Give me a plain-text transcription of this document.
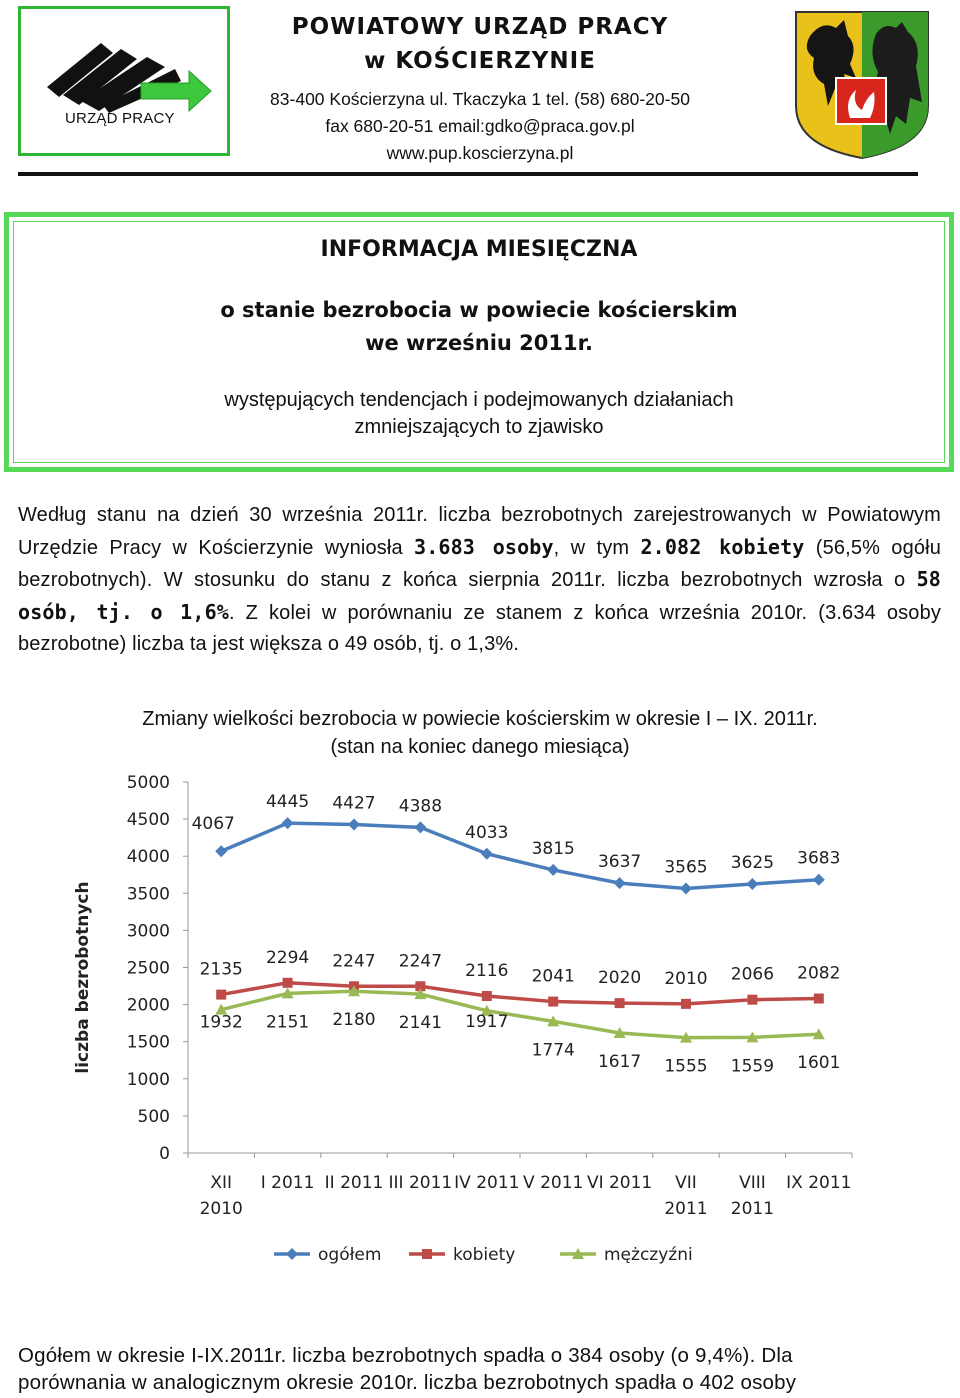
URZĄD PRACY
POWIATOWY URZĄD PRACY
w KOŚCIERZYNIE
83-400 Kościerzyna ul. Tkaczyka 1 tel. (58) 680-20-50
fax 680-20-51 email:gdko@praca.gov.pl
www.pup.koscierzyna.pl
INFORMACJA MIESIĘCZNA
o stanie bezrobocia w powiecie kościerskim
we wrześniu 2011r.
występujących tendencjach i podejmowanych działaniach
zmniejszających to zjawisko
Według stanu na dzień 30 września 2011r. liczba bezrobotnych zarejestrowanych w Powiatowym Urzędzie Pracy w Kościerzynie wyniosła 3.683 osoby, w tym 2.082 kobiety (56,5% ogółu bezrobotnych). W stosunku do stanu z końca sierpnia 2011r. liczba bezrobotnych wzrosła o 58 osób, tj. o 1,6%. Z kolei w porównaniu ze stanem z końca września 2010r. (3.634 osoby bezrobotne) liczba ta jest większa o 49 osób, tj. o 1,3%.
Zmiany wielkości bezrobocia w powiecie kościerskim w okresie I – IX. 2011r.
(stan na koniec danego miesiąca)
5000
4500
4000
3500
3000
2500
2000
1500
1000
500
0
XII
2010
I 2011 II 2011 III 2011 IV 2011 V 2011 VI 2011 VII
2011
VIII
2011
IX 2011
liczba bezrobotnych
4067
4445 4427 4388
4033
3815
3637 3565 3625 3683
2135
2294 2247 2247 2116 2041 2020 2010 2066 2082
1932 2151 2180 2141 1917
1774
1617 1555 1559 1601
ogółem	kobiety	mężczyźni
Ogółem w okresie I-IX.2011r. liczba bezrobotnych spadła o 384 osoby (o 9,4%). Dla
porównania w analogicznym okresie 2010r. liczba bezrobotnych spadła o 402 osoby
